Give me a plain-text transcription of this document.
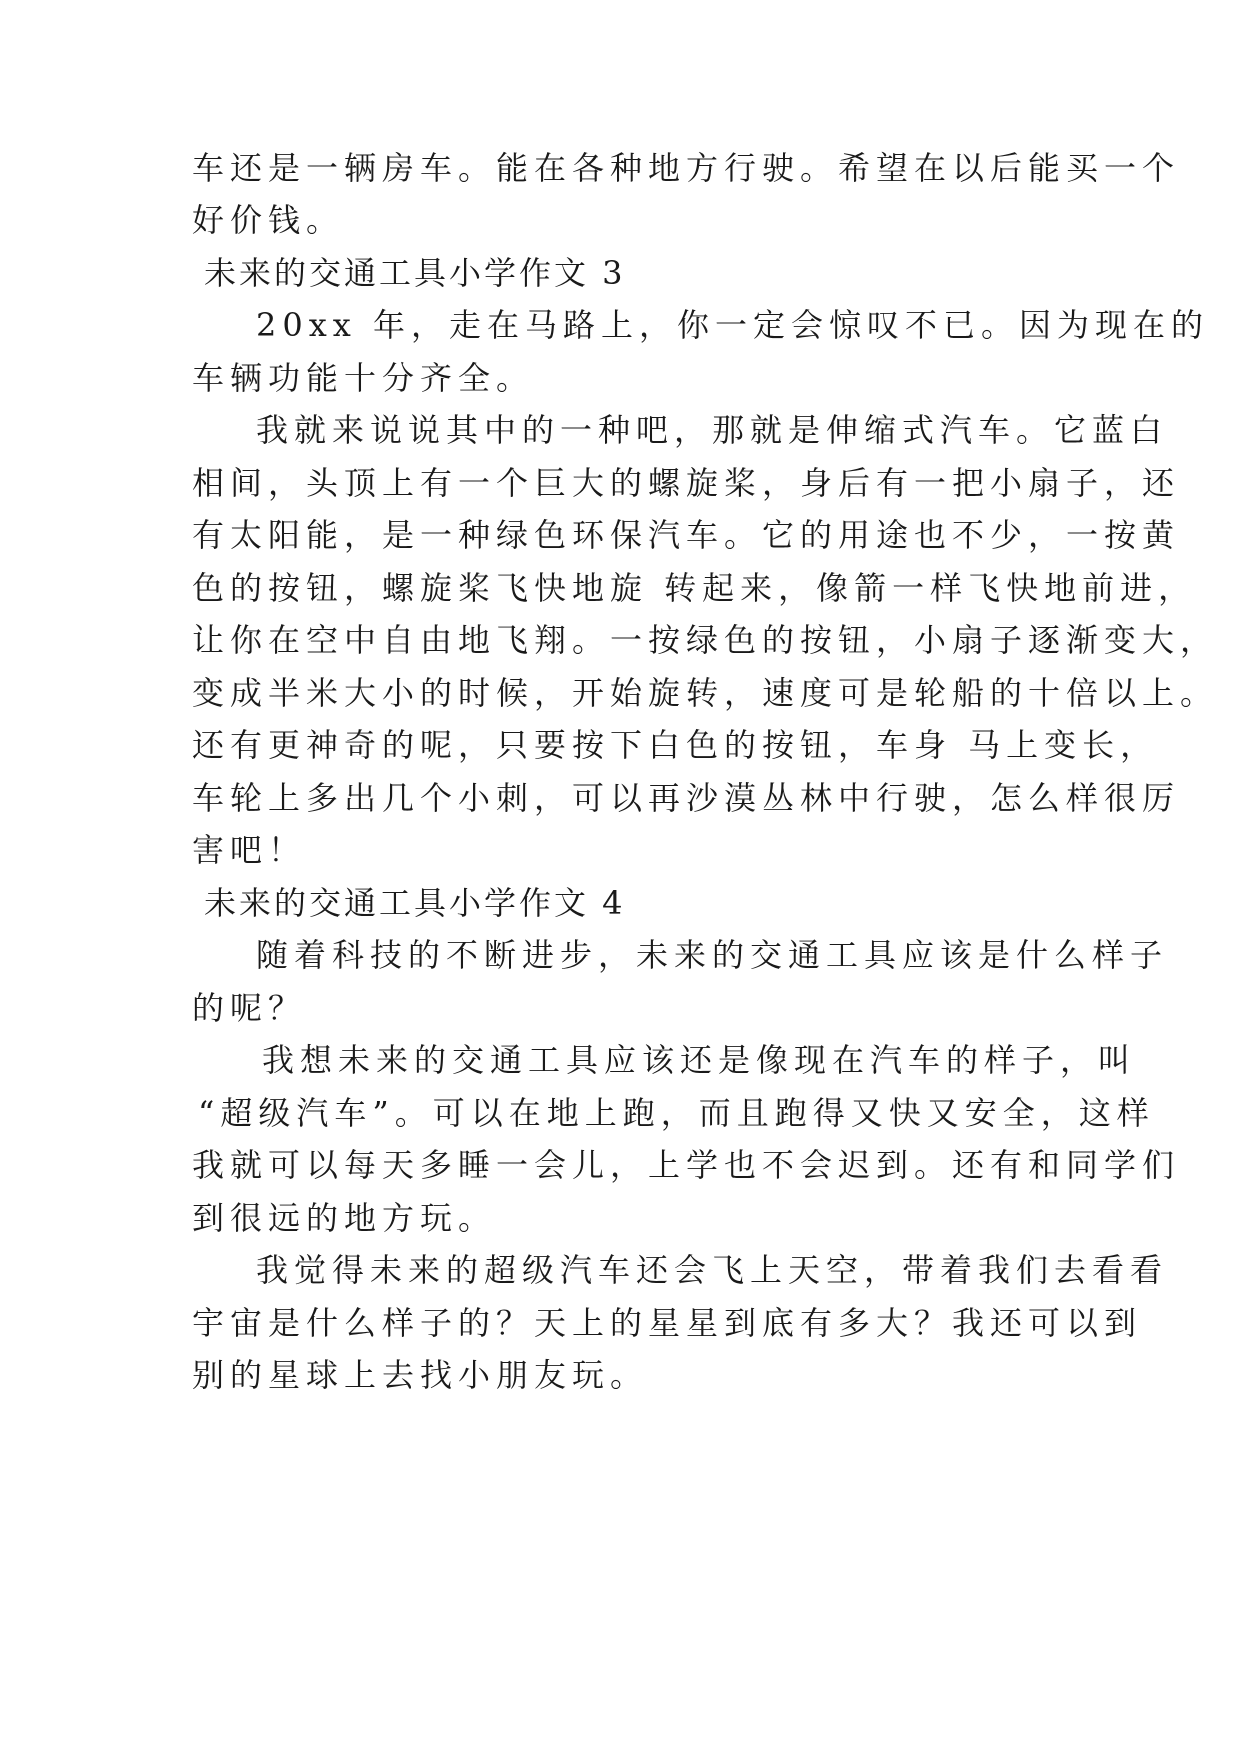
车还是一辆房车。能在各种地方行驶。希望在以后能买一个
好价钱。
未来的交通工具小学作文 3
20xx 年，走在马路上，你一定会惊叹不已。因为现在的
车辆功能十分齐全。
我就来说说其中的一种吧，那就是伸缩式汽车。它蓝白
相间，头顶上有一个巨大的螺旋桨，身后有一把小扇子，还
有太阳能，是一种绿色环保汽车。它的用途也不少，一按黄
色的按钮，螺旋桨飞快地旋 转起来，像箭一样飞快地前进，
让你在空中自由地飞翔。一按绿色的按钮，小扇子逐渐变大，
变成半米大小的时候，开始旋转，速度可是轮船的十倍以上。
还有更神奇的呢，只要按下白色的按钮，车身 马上变长，
车轮上多出几个小刺，可以再沙漠丛林中行驶，怎么样很厉
害吧！
未来的交通工具小学作文 4
随着科技的不断进步，未来的交通工具应该是什么样子
的呢？
我想未来的交通工具应该还是像现在汽车的样子，叫
“超级汽车”。可以在地上跑，而且跑得又快又安全，这样
我就可以每天多睡一会儿，上学也不会迟到。还有和同学们
到很远的地方玩。
我觉得未来的超级汽车还会飞上天空，带着我们去看看
宇宙是什么样子的？天上的星星到底有多大？我还可以到
别的星球上去找小朋友玩。
